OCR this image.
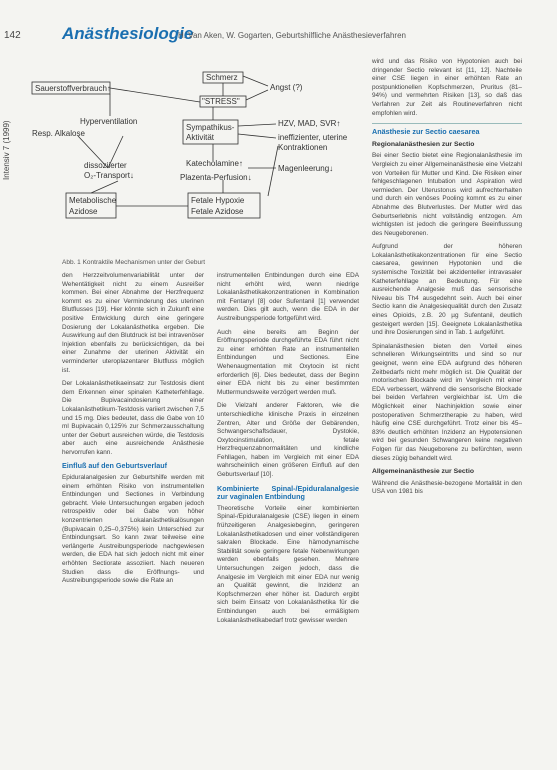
142
Intensiv 7 (1999)
Anästhesiologie
H. Van Aken, W. Gogarten, Geburtshilfliche Anästhesieverfahren
Schmerz
"STRESS"
Angst (?)
Sauerstoffverbrauch↑
Hyperventilation
Resp. Alkalose
Sympathikus-
Aktivität
HZV, MAD, SVR↑
ineffizienter, uterine
Kontraktionen
Katecholamine↑
Magenleerung↓
dissoziierter
O₂-Transport↓	Plazenta-Perfusion↓
Metabolische
Azidose
Fetale Hypoxie
Fetale Azidose
Abb. 1 Kontraktile Mechanismen unter der Geburt

den Herzzeitvolumenvariabilität unter der Wehentätigkeit nicht zu einem Ausreißer kommen. Bei einer Abnahme der Herzfrequenz kommt es zu einer Verminderung des uterinen Blutflusses [19]. Hier könnte sich in Zukunft eine positive Entwicklung durch eine geringere Dosierung der Lokalanästhetika ergeben. Die Auswirkung auf den Blutdruck ist bei intravenöser Injektion ebenfalls zu berücksichtigen, da bei einer Zunahme der uterinen Aktivität ein verminderter uteroplazentarer Blutfluss möglich ist.

Der Lokalanästhetikaeinsatz zur Testdosis dient dem Erkennen einer spinalen Katheterfehllage. Die Bupivacaindosierung einer Lokalanästhetikum-Testdosis variiert zwischen 7,5 und 15 mg. Dies bedeutet, dass die Gabe von 10 ml Bupivacain 0,125% zur Schmerzausschaltung unter der Geburt ausreichen würde, die Testdosis aber auch eine ausreichende Anästhesie hervorrufen kann.

Einfluß auf den Geburtsverlauf

Epiduralanalgesien zur Geburtshilfe werden mit einem erhöhten Risiko von instrumentellen Entbindungen und Sectiones in Verbindung gebracht. Viele Untersuchungen ergaben jedoch retrospektiv oder bei Gabe von höher konzentrierten Lokalanästhetikalösungen (Bupivacain 0,25–0,375%) kein Unterschied zur Entbindungsart. So kann zwar teilweise eine verlängerte Austreibungsperiode nachgewiesen werden, die EDA hat sich jedoch nicht mit einer erhöhten Sectiorate assoziiert. Nach neueren Studien dass die Eröffnungs- und Austreibungsperiode sowie die Rate an

instrumentellen Entbindungen durch eine EDA nicht erhöht wird, wenn niedrige Lokalanästhetikakonzentrationen in Kombination mit Fentanyl [8] oder Sufentanil [1] verwendet werden. Dies gilt auch, wenn die EDA in der Austreibungsperiode fortgeführt wird.

Auch eine bereits am Beginn der Eröffnungsperiode durchgeführte EDA führt nicht zu einer erhöhten Rate an instrumentellen Entbindungen und Sectiones. Eine Wehenaugmentation mit Oxytocin ist nicht erforderlich [6]. Dies bedeutet, dass der Beginn einer EDA nicht bis zu einer bestimmten Muttermundsweite verzögert werden muß.

Die Vielzahl anderer Faktoren, wie die unterschiedliche klinische Praxis in einzelnen Zentren, Alter und Größe der Gebärenden, Schwangerschaftsdauer, Dystokie, Oxytocinstimulation, fetale Herzfrequenzabnormalitäten und kindliche Fehllagen, haben im Vergleich mit einer EDA wahrscheinlich einen größeren Einfluß auf den Geburtsverlauf [10].

Kombinierte Spinal-/Epiduralanalgesie zur vaginalen Entbindung

Theoretische Vorteile einer kombinierten Spinal-/Epiduralanalgesie (CSE) liegen in einem frühzeitigeren Analgesiebeginn, geringeren Lokalanästhetikadosen und einer vollständigeren sakralen Blockade. Eine hämodynamische Stabilität sowie geringere fetale Nebenwirkungen werden ebenfalls gesehen. Mehrere Untersuchungen zeigen jedoch, dass die Analgesie im Vergleich mit einer EDA nur wenig an Qualität gewinnt, die Inzidenz an Kopfschmerzen eher höher ist. Dadurch ergibt sich beim Einsatz von Lokalanästhetika für die Entbindungen auch bei ermäßigtem Lokalanästhetikabedarf trotz gewisser werden

wird und das Risiko von Hypotonien auch bei dringender Sectio relevant ist [11, 12]. Nachteile einer CSE liegen in einer erhöhten Rate an postpunktionellen Kopfschmerzen, Pruritus (81–94%) und vermehrten Risiken [13], so daß das Verfahren zur Zeit als Routineverfahren nicht empfohlen wird.

Anästhesie zur Sectio caesarea
Regionalanästhesien zur Sectio

Bei einer Sectio bietet eine Regionalanästhesie im Vergleich zu einer Allgemeinanästhesie eine Vielzahl von Vorteilen für Mutter und Kind. Die Risiken einer fehlgeschlagenen Intubation und Aspiration wird vermieden. Der Uterustonus wird aufrechterhalten und durch ein venöses Pooling kommt es zu einer Abnahme des Blutverlustes. Der Mutter wird das Geburtserlebnis nicht vollständig entzogen. Am wichtigsten ist jedoch die geringere Beeinflussung des Neugeborenen.

Aufgrund der höheren Lokalanästhetikakonzentrationen für eine Sectio caesarea, gewinnen Hypotonien und die systemische Toxizität bei akzidenteller intravasaler Katheterfehllage an Bedeutung. Für eine ausreichende Analgesie muß das sensorische Niveau bis Th4 ausgedehnt sein. Auch bei einer Sectio kann die Analgesiequalität durch den Zusatz eines Opioids, z.B. 20 µg Sufentanil, deutlich gesteigert werden [15]. Geeignete Lokalanästhetika und ihre Dosierungen sind in Tab. 1 aufgeführt.

Spinalanästhesien bieten den Vorteil eines schnelleren Wirkungseintritts und sind so nur geeignet, wenn eine EDA aufgrund des höheren Zeitbedarfs nicht mehr möglich ist. Die Qualität der motorischen Blockade wird im Vergleich mit einer EDA verbessert, während die sensorische Blockade bei beiden Verfahren vergleichbar ist. Um die Möglichkeit einer Nachinjektion sowie einer postoperativen Schmerztherapie zu haben, wird häufig eine CSE durchgeführt. Trotz einer bis 45–83% deutlich erhöhten Inzidenz an Hypotensionen wird bei gesunden Schwangeren keine negativen Folgen für das Neugeborene zu befürchten, wenn dieses zügig behandelt wird.

Allgemeinanästhesie zur Sectio

Während die Anästhesie-bezogene Mortalität in den USA von 1981 bis
